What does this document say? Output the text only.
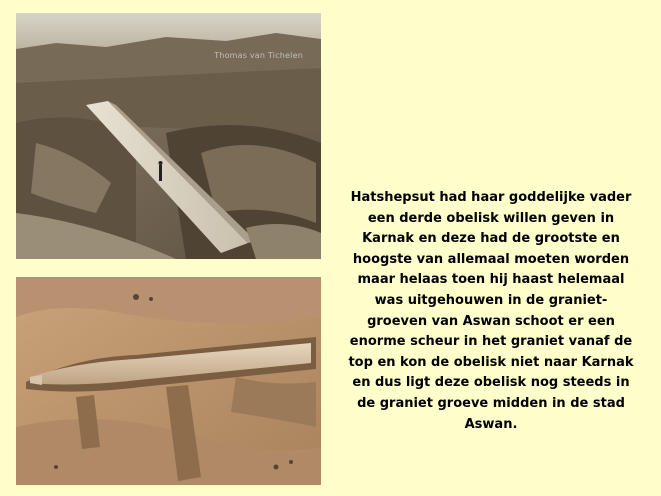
Thomas van Tichelen
Hatshepsut had haar goddelijke vader
een derde obelisk willen geven in
Karnak en deze had de grootste en
hoogste van allemaal moeten worden
maar helaas toen hij haast helemaal
was uitgehouwen in de graniet-
groeven van Aswan schoot er een
enorme scheur in het graniet vanaf de
top en kon de obelisk niet naar Karnak
en dus ligt deze obelisk nog steeds in
de graniet groeve midden in de stad
Aswan.
